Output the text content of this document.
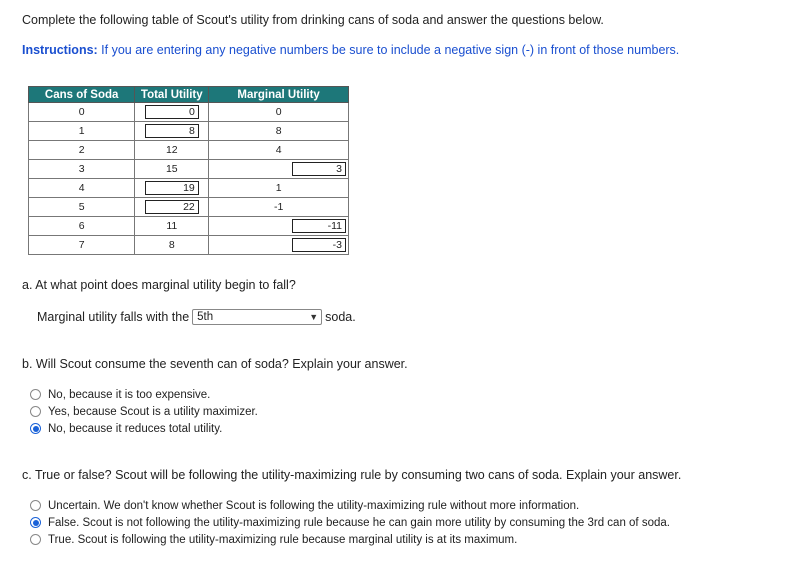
Complete the following table of Scout's utility from drinking cans of soda and answer the questions below.
Instructions: If you are entering any negative numbers be sure to include a negative sign (-) in front of those numbers.
Cans of Soda	Total Utility	Marginal Utility
0	0	0
1	8	8
2	12	4
3	15	3
4	19	1
5	22	-1
6	11	-11
7	8	-3
a. At what point does marginal utility begin to fall?
Marginal utility falls with the 5th	▼ soda.
b. Will Scout consume the seventh can of soda? Explain your answer.
No, because it is too expensive.
Yes, because Scout is a utility maximizer.
No, because it reduces total utility.
c. True or false? Scout will be following the utility-maximizing rule by consuming two cans of soda. Explain your answer.
Uncertain. We don't know whether Scout is following the utility-maximizing rule without more information.
False. Scout is not following the utility-maximizing rule because he can gain more utility by consuming the 3rd can of soda.
True. Scout is following the utility-maximizing rule because marginal utility is at its maximum.
